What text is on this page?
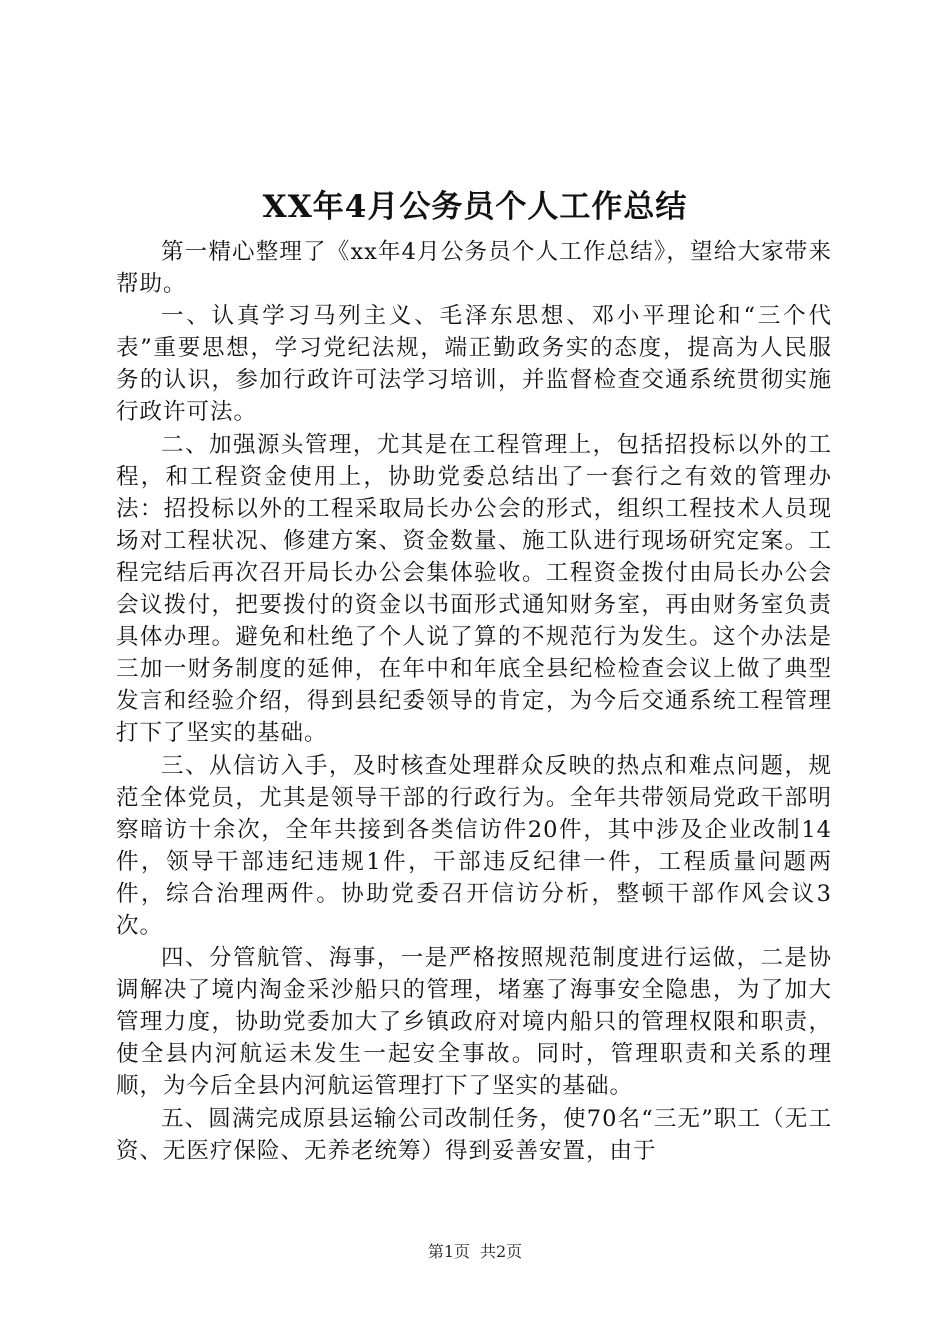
XX年4月公务员个人工作总结

第一精心整理了《xx年4月公务员个人工作总结》，望给大家带来帮助。

一、认真学习马列主义、毛泽东思想、邓小平理论和“三个代表”重要思想，学习党纪法规，端正勤政务实的态度，提高为人民服务的认识，参加行政许可法学习培训，并监督检查交通系统贯彻实施行政许可法。

二、加强源头管理，尤其是在工程管理上，包括招投标以外的工程，和工程资金使用上，协助党委总结出了一套行之有效的管理办法：招投标以外的工程采取局长办公会的形式，组织工程技术人员现场对工程状况、修建方案、资金数量、施工队进行现场研究定案。工程完结后再次召开局长办公会集体验收。工程资金拨付由局长办公会会议拨付，把要拨付的资金以书面形式通知财务室，再由财务室负责具体办理。避免和杜绝了个人说了算的不规范行为发生。这个办法是三加一财务制度的延伸，在年中和年底全县纪检检查会议上做了典型发言和经验介绍，得到县纪委领导的肯定，为今后交通系统工程管理打下了坚实的基础。

三、从信访入手，及时核查处理群众反映的热点和难点问题，规范全体党员，尤其是领导干部的行政行为。全年共带领局党政干部明察暗访十余次，全年共接到各类信访件20件，其中涉及企业改制14件，领导干部违纪违规1件，干部违反纪律一件，工程质量问题两件，综合治理两件。协助党委召开信访分析，整顿干部作风会议3次。

四、分管航管、海事，一是严格按照规范制度进行运做，二是协调解决了境内淘金采沙船只的管理，堵塞了海事安全隐患，为了加大管理力度，协助党委加大了乡镇政府对境内船只的管理权限和职责，使全县内河航运未发生一起安全事故。同时，管理职责和关系的理顺，为今后全县内河航运管理打下了坚实的基础。

五、圆满完成原县运输公司改制任务，使70名“三无”职工（无工资、无医疗保险、无养老统筹）得到妥善安置，由于

第1页 共2页
